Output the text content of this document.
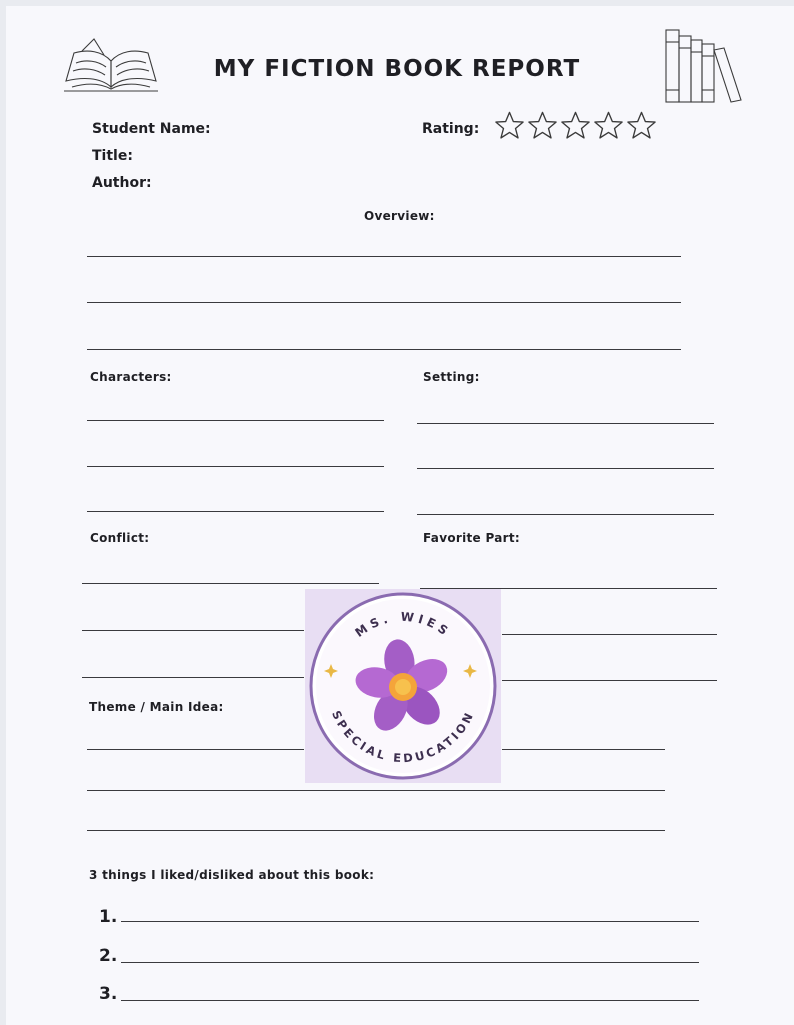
MY FICTION BOOK REPORT
Student Name:
Title:
Author:
Rating:
Overview:
Characters:	Setting:
Conflict:	Favorite Part:
Theme / Main Idea:
3 things I liked/disliked about this book:
1.
2.
3.
MS. WIES
SPECIAL EDUCATION
